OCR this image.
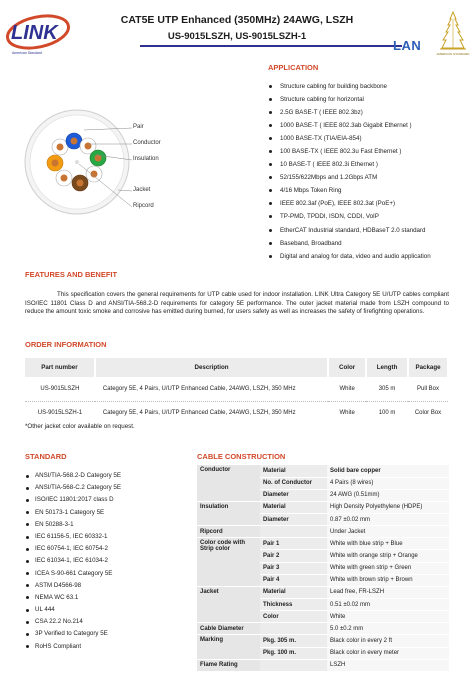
LINK
American Standard
CAT5E UTP Enhanced (350MHz) 24AWG, LSZH
US-9015LSZH, US-9015LSZH-1
LAN
AMERICAN STANDARD
Pair
Conductor
Insulation
Jacket
Ripcord
APPLICATION
Structure cabling for building backbone
Structure cabling for horizontal
2.5G BASE-T ( IEEE 802.3bz)
1000 BASE-T ( IEEE 802.3ab Gigabit Ethernet )
1000 BASE-TX (TIA/EIA-854)
100 BASE-TX ( IEEE 802.3u Fast Ethernet )
10 BASE-T ( IEEE 802.3i Ethernet )
52/155/622Mbps and 1.2Gbps ATM
4/16 Mbps Token Ring
IEEE 802.3af (PoE), IEEE 802.3at (PoE+)
TP-PMD, TPDDI, ISDN, CDDI, VoIP
EtherCAT Industrial standard, HDBaseT 2.0 standard
Baseband, Broadband
Digital and analog for data, video and audio application
FEATURES AND BENEFIT
This specification covers the general requirements for UTP cable used for indoor installation. LINK Ultra Category 5E U/UTP cables compliant ISO/IEC 11801 Class D and ANSI/TIA-568.2-D requirements for category 5E performance. The outer jacket material made from LSZH compound to reduce the amount toxic smoke and corrosive has emitted during burned, for users safety as well as increases the safety of firefighting operations.
ORDER INFORMATION
Part number	Description	Color	Length	Package
US-9015LSZH	Category 5E, 4 Pairs, U/UTP Enhanced Cable, 24AWG, LSZH, 350 MHz	White	305 m	Pull Box
US-9015LSZH-1	Category 5E, 4 Pairs, U/UTP Enhanced Cable, 24AWG, LSZH, 350 MHz	White	100 m	Color Box
*Other jacket color available on request.
STANDARD
ANSI/TIA-568.2-D Category 5E
ANSI/TIA-568-C.2 Category 5E
ISO/IEC 11801:2017 class D
EN 50173-1 Category 5E
EN 50288-3-1
IEC 61156-5, IEC 60332-1
IEC 60754-1, IEC 60754-2
IEC 61034-1, IEC 61034-2
ICEA S-90-661 Category 5E
ASTM D4566-98
NEMA WC 63.1
UL 444
CSA 22.2 No.214
3P Verified to Category 5E
RoHS Compliant
CABLE CONSTRUCTION
Conductor	Material	Solid bare copper
	No. of Conductor	4 Pairs (8 wires)
	Diameter	24 AWG (0.51mm)
Insulation	Material	High Density Polyethylene (HDPE)
	Diameter	0.87 ±0.02 mm
Ripcord		Under Jacket
Color code with Strip color	Pair 1	White with blue strip + Blue
	Pair 2	White with orange strip + Orange
	Pair 3	White with green strip + Green
	Pair 4	White with brown strip + Brown
Jacket	Material	Lead free, FR-LSZH
	Thickness	0.51 ±0.02 mm
	Color	White
Cable Diameter		5.0 ±0.2 mm
Marking	Pkg. 305 m.	Black color in every 2 ft
	Pkg. 100 m.	Black color in every meter
Flame Rating		LSZH
